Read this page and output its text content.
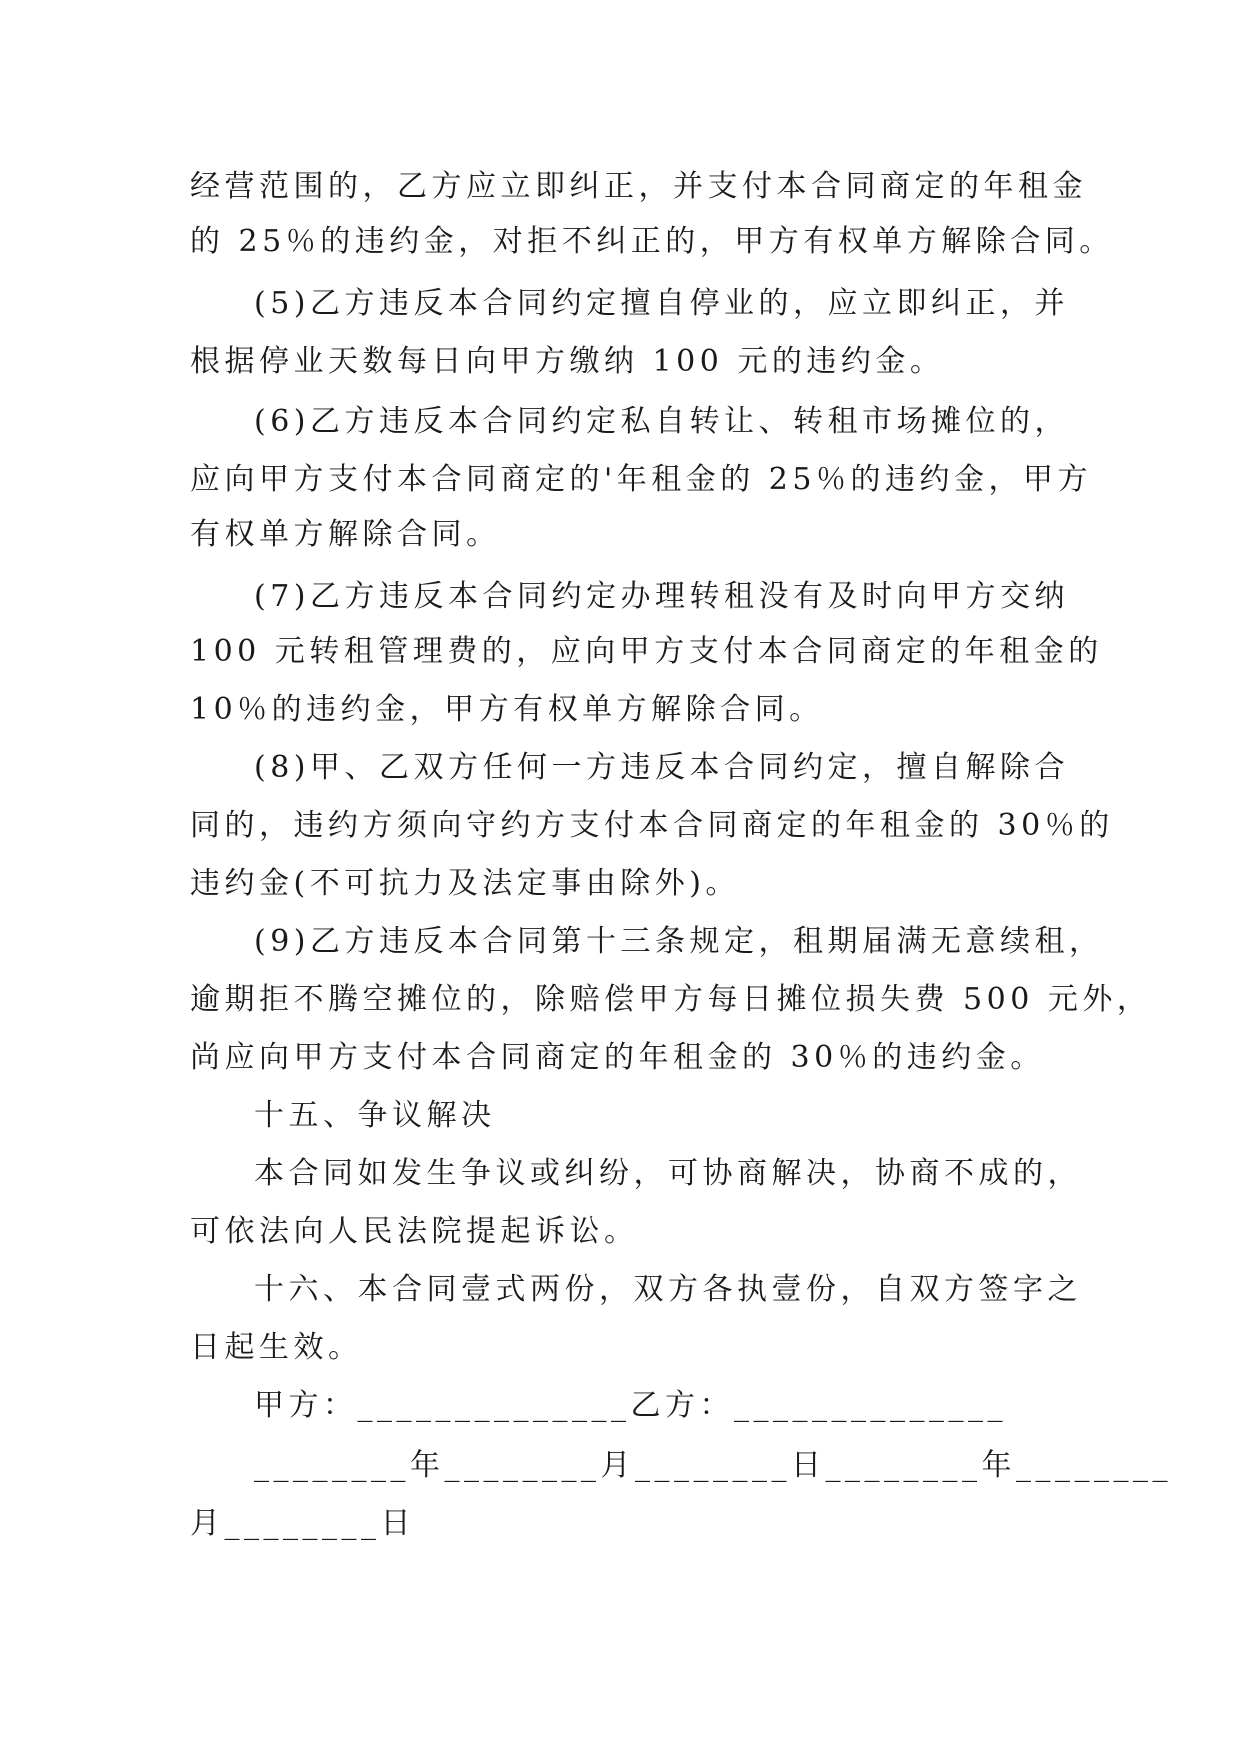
经营范围的，乙方应立即纠正，并支付本合同商定的年租金
的 25％的违约金，对拒不纠正的，甲方有权单方解除合同。
(5)乙方违反本合同约定擅自停业的，应立即纠正，并
根据停业天数每日向甲方缴纳 100 元的违约金。
(6)乙方违反本合同约定私自转让、转租市场摊位的，
应向甲方支付本合同商定的'年租金的 25％的违约金，甲方
有权单方解除合同。
(7)乙方违反本合同约定办理转租没有及时向甲方交纳
100 元转租管理费的，应向甲方支付本合同商定的年租金的
10％的违约金，甲方有权单方解除合同。
(8)甲、乙双方任何一方违反本合同约定，擅自解除合
同的，违约方须向守约方支付本合同商定的年租金的 30％的
违约金(不可抗力及法定事由除外)。
(9)乙方违反本合同第十三条规定，租期届满无意续租，
逾期拒不腾空摊位的，除赔偿甲方每日摊位损失费 500 元外，
尚应向甲方支付本合同商定的年租金的 30％的违约金。
十五、争议解决
本合同如发生争议或纠纷，可协商解决，协商不成的，
可依法向人民法院提起诉讼。
十六、本合同壹式两份，双方各执壹份，自双方签字之
日起生效。
甲方：______________乙方：______________
________年________月________日________年________
月________日
